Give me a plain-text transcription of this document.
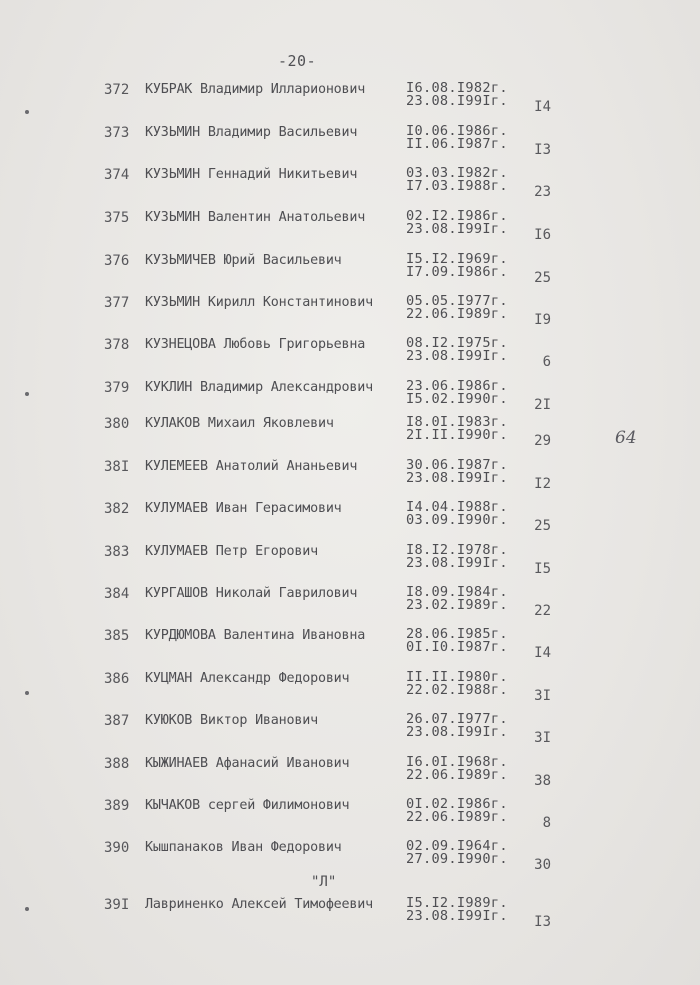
-20-
372 КУБРАК Владимир Илларионович	I6.08.I982г.
23.08.I99Iг. I4
373 КУЗЬМИН Владимир Васильевич	I0.06.I986г.
II.06.I987г. I3
374 КУЗЬМИН Геннадий Никитьевич	03.03.I982г.
I7.03.I988г. 23
375 КУЗЬМИН Валентин Анатольевич	02.I2.I986г.
23.08.I99Iг. I6
376 КУЗЬМИЧЕВ Юрий Васильевич	I5.I2.I969г.
I7.09.I986г. 25
377 КУЗЬМИН Кирилл Константинович 05.05.I977г.
22.06.I989г. I9
378 КУЗНЕЦОВА Любовь Григорьевна	08.I2.I975г.
23.08.I99Iг. 6
379 КУКЛИН Владимир Александрович 23.06.I986г.
I5.02.I990г. 2I
380 КУЛАКОВ Михаил Яковлевич	I8.0I.I983г.
2I.II.I990г. 29
38I КУЛЕМЕЕВ Анатолий Ананьевич	30.06.I987г.
23.08.I99Iг. I2
382 КУЛУМАЕВ Иван Герасимович	I4.04.I988г.
03.09.I990г. 25
383 КУЛУМАЕВ Петр Егорович	I8.I2.I978г.
23.08.I99Iг. I5
384 КУРГАШОВ Николай Гаврилович	I8.09.I984г.
23.02.I989г. 22
385 КУРДЮМОВА Валентина Ивановна	28.06.I985г.
0I.I0.I987г. I4
386 КУЦМАН Александр Федорович	II.II.I980г.
22.02.I988г. 3I
387 КУЮКОВ Виктор Иванович	26.07.I977г.
23.08.I99Iг. 3I
388 КЫЖИНАЕВ Афанасий Иванович	I6.0I.I968г.
22.06.I989г. 38
389 КЫЧАКОВ сергей Филимонович	0I.02.I986г.
22.06.I989г. 8
390 Кышпанаков Иван Федорович	02.09.I964г.
27.09.I990г. 30
"Л"
39I Лавриненко Алексей Тимофеевич I5.I2.I989г.
23.08.I99Iг. I3
64
